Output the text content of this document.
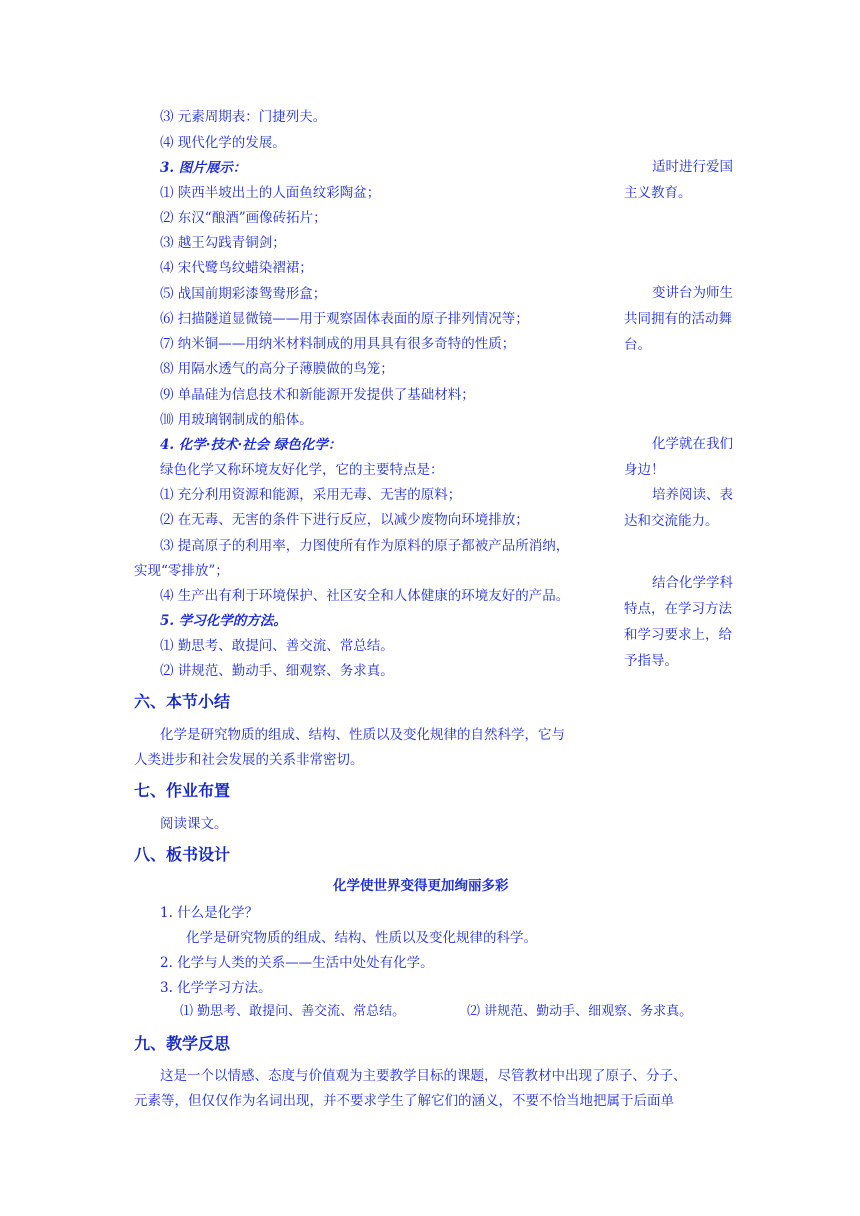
⑶ 元素周期表：门捷列夫。
⑷ 现代化学的发展。
3. 图片展示：
⑴ 陕西半坡出土的人面鱼纹彩陶盆；
⑵ 东汉“酿酒”画像砖拓片；
⑶ 越王勾践青铜剑；
⑷ 宋代鹭鸟纹蜡染褶裙；
⑸ 战国前期彩漆鸳鸯形盒；
⑹ 扫描隧道显微镜——用于观察固体表面的原子排列情况等；
⑺ 纳米铜——用纳米材料制成的用具具有很多奇特的性质；
⑻ 用隔水透气的高分子薄膜做的鸟笼；
⑼ 单晶硅为信息技术和新能源开发提供了基础材料；
⑽ 用玻璃钢制成的船体。
4. 化学·技术·社会 绿色化学：
绿色化学又称环境友好化学，它的主要特点是：
⑴ 充分利用资源和能源，采用无毒、无害的原料；
⑵ 在无毒、无害的条件下进行反应，以减少废物向环境排放；
⑶ 提高原子的利用率，力图使所有作为原料的原子都被产品所消纳，
实现“零排放”；
⑷ 生产出有利于环境保护、社区安全和人体健康的环境友好的产品。
5. 学习化学的方法。
⑴ 勤思考、敢提问、善交流、常总结。
⑵ 讲规范、勤动手、细观察、务求真。
适时进行爱国主义教育。
变讲台为师生共同拥有的活动舞台。
化学就在我们身边！
培养阅读、表达和交流能力。
结合化学学科特点，在学习方法和学习要求上，给予指导。
六、本节小结
化学是研究物质的组成、结构、性质以及变化规律的自然科学，它与
人类进步和社会发展的关系非常密切。
七、作业布置
阅读课文。
八、板书设计
化学使世界变得更加绚丽多彩
1. 什么是化学？
化学是研究物质的组成、结构、性质以及变化规律的科学。
2. 化学与人类的关系——生活中处处有化学。
3. 化学学习方法。
⑴ 勤思考、敢提问、善交流、常总结。	⑵ 讲规范、勤动手、细观察、务求真。
九、教学反思
这是一个以情感、态度与价值观为主要教学目标的课题，尽管教材中出现了原子、分子、
元素等，但仅仅作为名词出现，并不要求学生了解它们的涵义，不要不恰当地把属于后面单
